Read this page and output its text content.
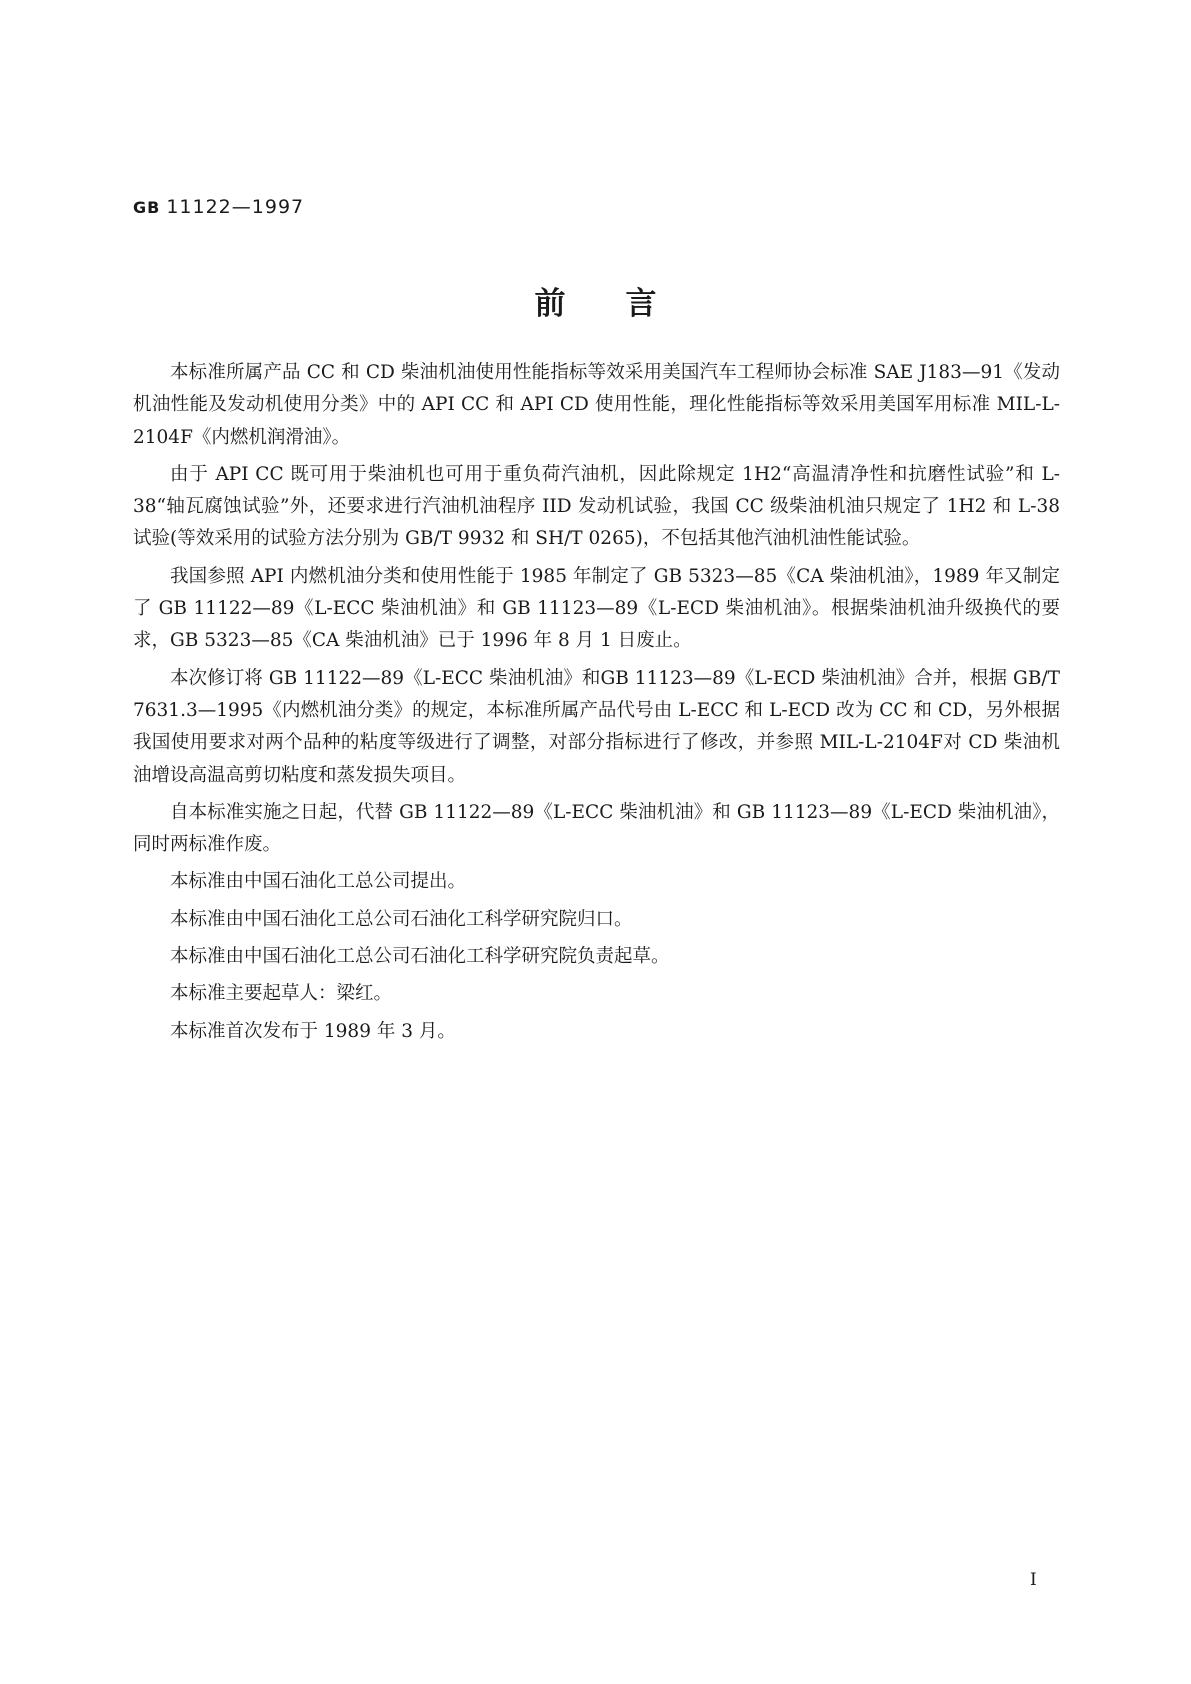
GB 11122—1997
前言

本标准所属产品 CC 和 CD 柴油机油使用性能指标等效采用美国汽车工程师协会标准 SAE J183—91《发动机油性能及发动机使用分类》中的 API CC 和 API CD 使用性能，理化性能指标等效采用美国军用标准 MIL-L-2104F《内燃机润滑油》。

由于 API CC 既可用于柴油机也可用于重负荷汽油机，因此除规定 1H2“高温清净性和抗磨性试验”和 L-38“轴瓦腐蚀试验”外，还要求进行汽油机油程序 IID 发动机试验，我国 CC 级柴油机油只规定了 1H2 和 L-38 试验(等效采用的试验方法分别为 GB/T 9932 和 SH/T 0265)，不包括其他汽油机油性能试验。

我国参照 API 内燃机油分类和使用性能于 1985 年制定了 GB 5323—85《CA 柴油机油》，1989 年又制定了 GB 11122—89《L-ECC 柴油机油》和 GB 11123—89《L-ECD 柴油机油》。根据柴油机油升级换代的要求，GB 5323—85《CA 柴油机油》已于 1996 年 8 月 1 日废止。

本次修订将 GB 11122—89《L-ECC 柴油机油》和GB 11123—89《L-ECD 柴油机油》合并，根据 GB/T 7631.3—1995《内燃机油分类》的规定，本标准所属产品代号由 L-ECC 和 L-ECD 改为 CC 和 CD，另外根据我国使用要求对两个品种的粘度等级进行了调整，对部分指标进行了修改，并参照 MIL-L-2104F对 CD 柴油机油增设高温高剪切粘度和蒸发损失项目。

自本标准实施之日起，代替 GB 11122—89《L-ECC 柴油机油》和 GB 11123—89《L-ECD 柴油机油》，同时两标准作废。

本标准由中国石油化工总公司提出。

本标准由中国石油化工总公司石油化工科学研究院归口。

本标准由中国石油化工总公司石油化工科学研究院负责起草。

本标准主要起草人：梁红。

本标准首次发布于 1989 年 3 月。

I
